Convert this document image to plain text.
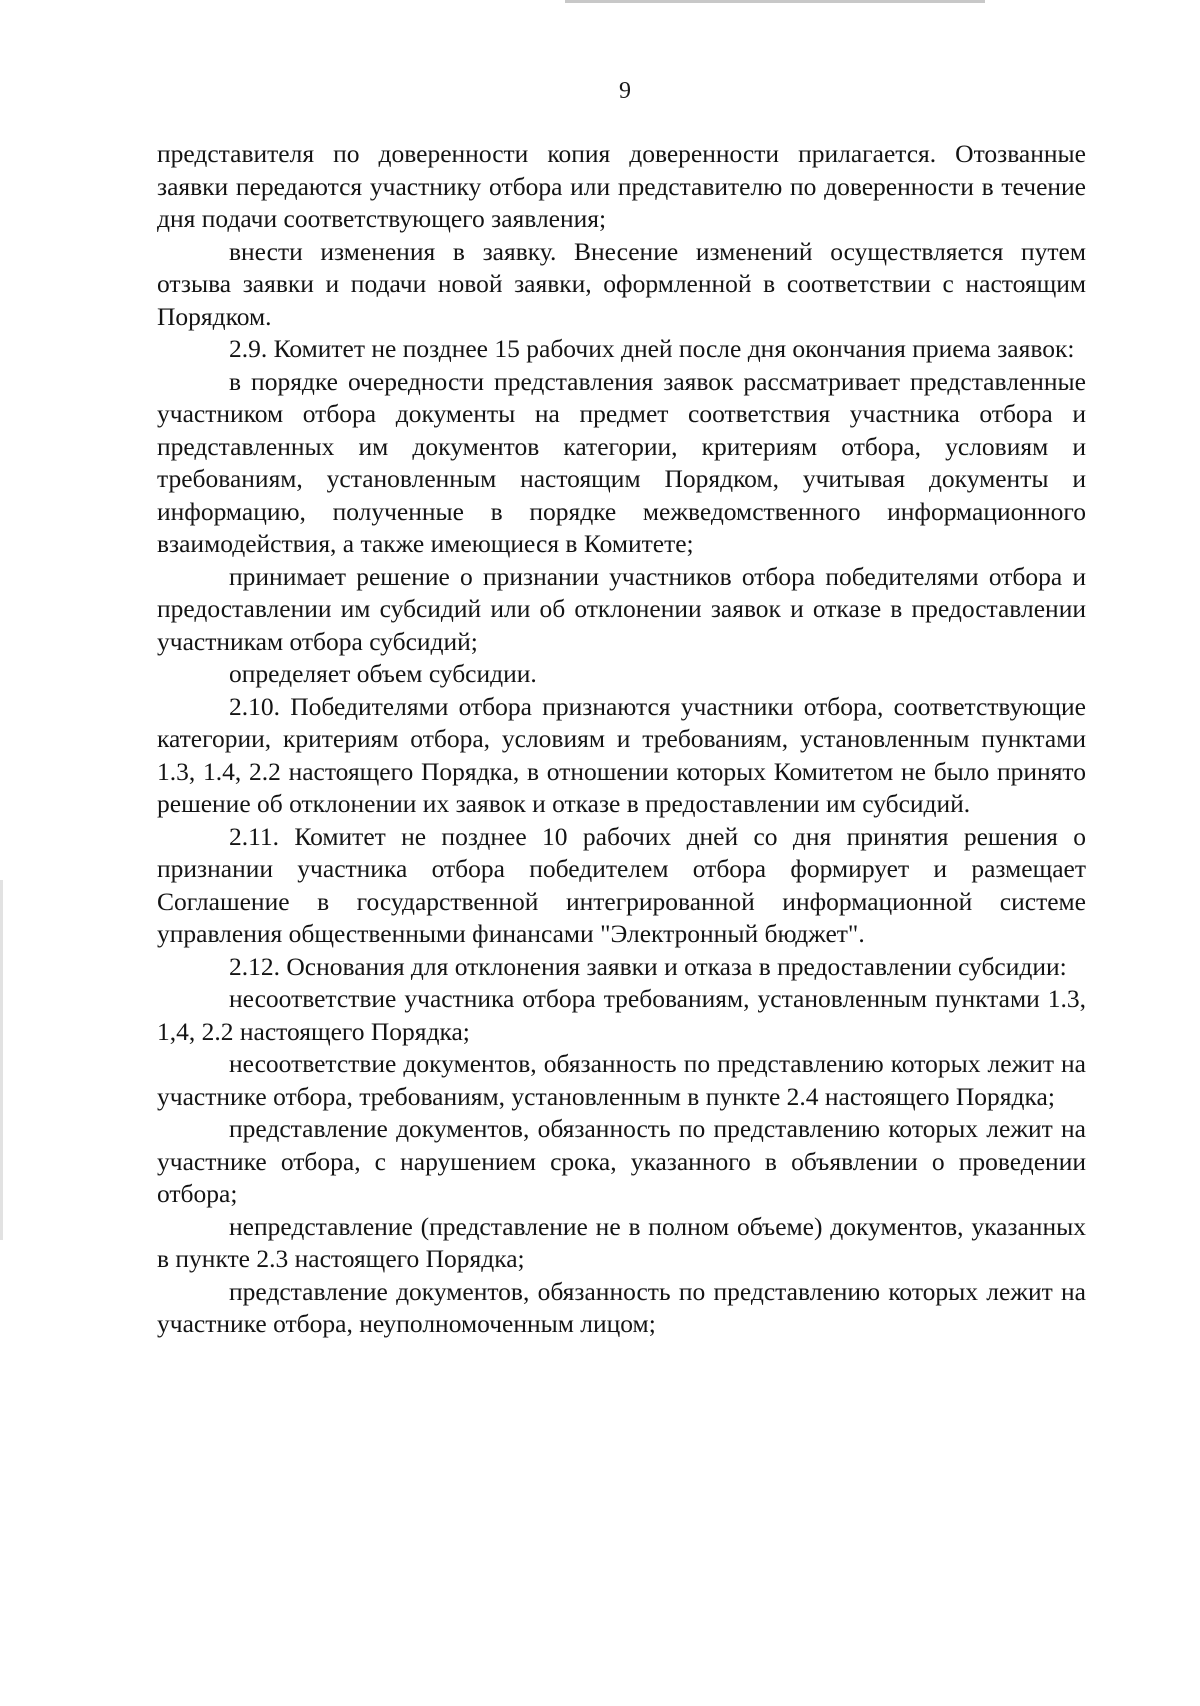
9

представителя по доверенности копия доверенности прилагается. Отозванные заявки передаются участнику отбора или представителю по доверенности в течение дня подачи соответствующего заявления;

внести изменения в заявку. Внесение изменений осуществляется путем отзыва заявки и подачи новой заявки, оформленной в соответствии с настоящим Порядком.

2.9. Комитет не позднее 15 рабочих дней после дня окончания приема заявок:

в порядке очередности представления заявок рассматривает представленные участником отбора документы на предмет соответствия участника отбора и представленных им документов категории, критериям отбора, условиям и требованиям, установленным настоящим Порядком, учитывая документы и информацию, полученные в порядке межведомственного информационного взаимодействия, а также имеющиеся в Комитете;

принимает решение о признании участников отбора победителями отбора и предоставлении им субсидий или об отклонении заявок и отказе в предоставлении участникам отбора субсидий;

определяет объем субсидии.

2.10. Победителями отбора признаются участники отбора, соответствующие категории, критериям отбора, условиям и требованиям, установленным пунктами 1.3, 1.4, 2.2 настоящего Порядка, в отношении которых Комитетом не было принято решение об отклонении их заявок и отказе в предоставлении им субсидий.

2.11. Комитет не позднее 10 рабочих дней со дня принятия решения о признании участника отбора победителем отбора формирует и размещает Соглашение в государственной интегрированной информационной системе управления общественными финансами "Электронный бюджет".

2.12. Основания для отклонения заявки и отказа в предоставлении субсидии:

несоответствие участника отбора требованиям, установленным пунктами 1.3, 1,4, 2.2 настоящего Порядка;

несоответствие документов, обязанность по представлению которых лежит на участнике отбора, требованиям, установленным в пункте 2.4 настоящего Порядка;

представление документов, обязанность по представлению которых лежит на участнике отбора, с нарушением срока, указанного в объявлении о проведении отбора;

непредставление (представление не в полном объеме) документов, указанных в пункте 2.3 настоящего Порядка;

представление документов, обязанность по представлению которых лежит на участнике отбора, неуполномоченным лицом;
